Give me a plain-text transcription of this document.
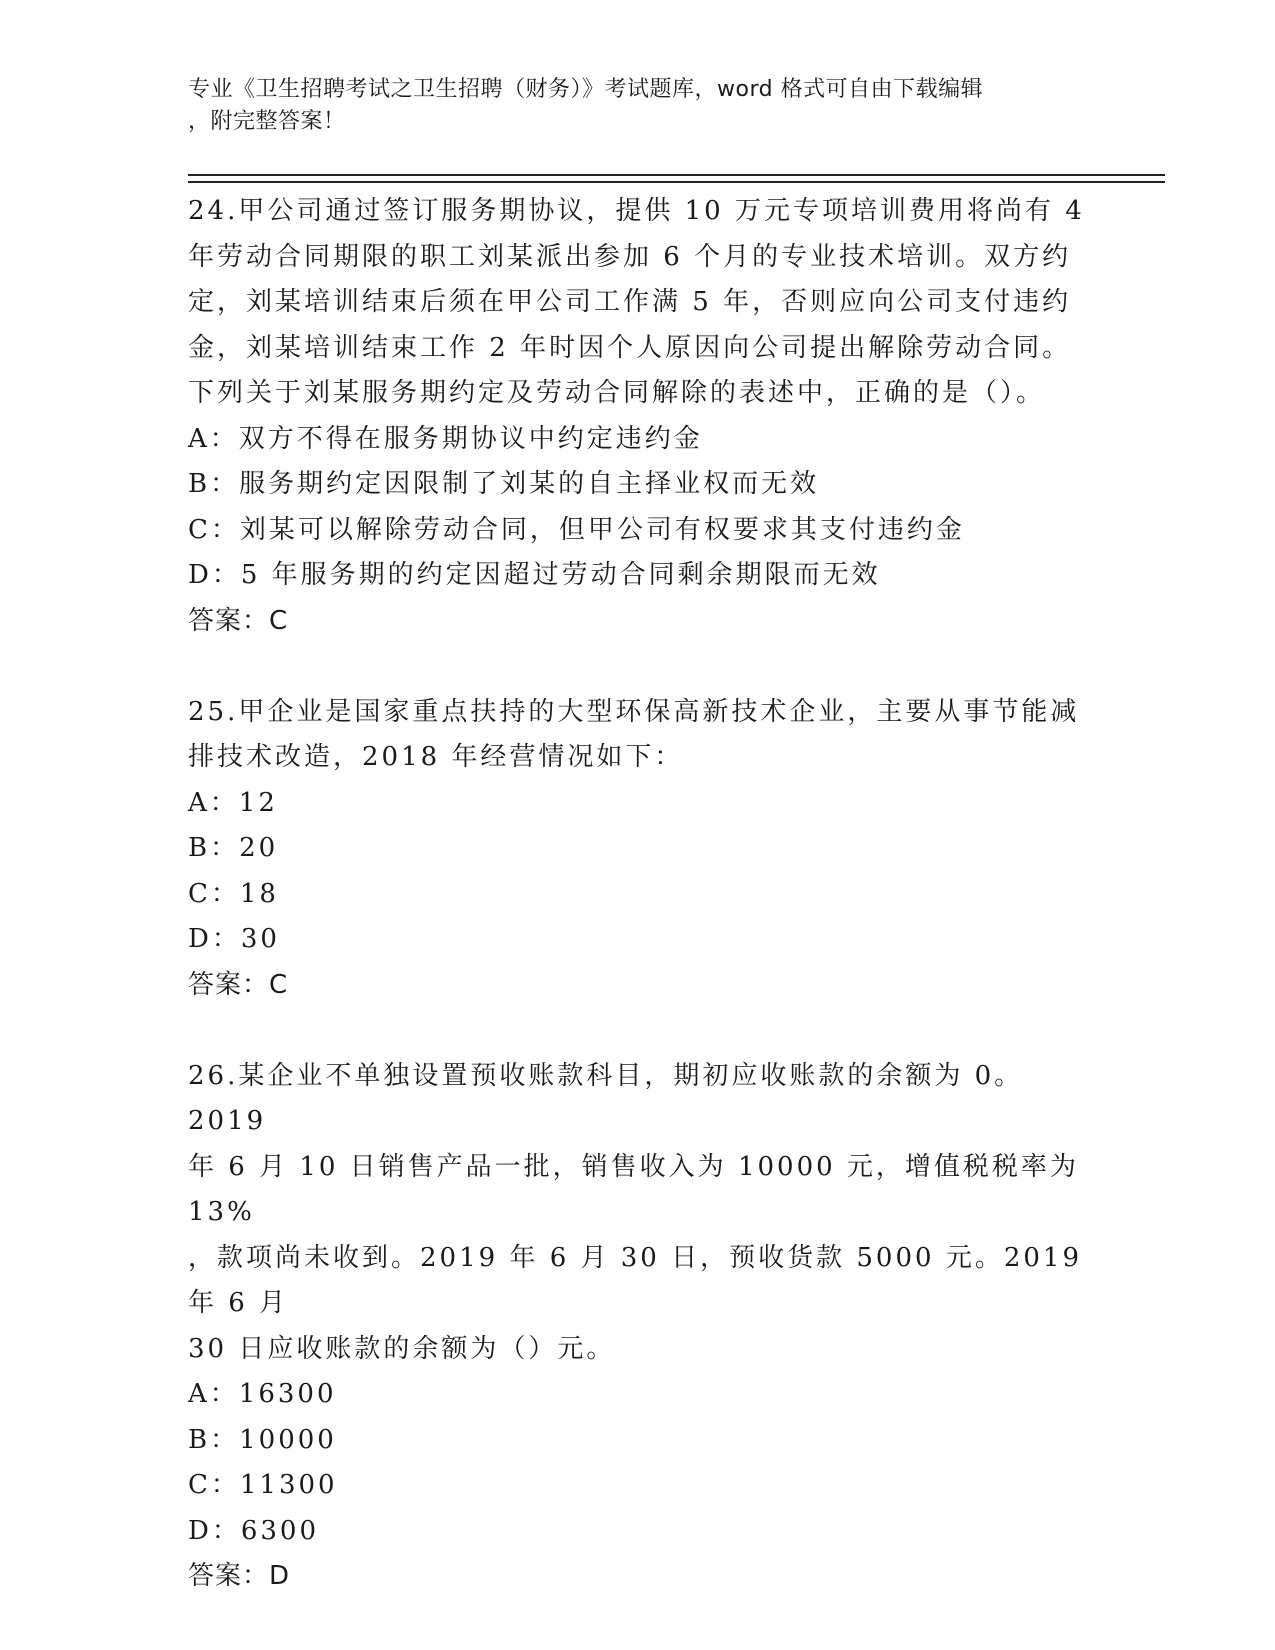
专业《卫生招聘考试之卫生招聘（财务）》考试题库，word 格式可自由下载编辑
，附完整答案！
24.甲公司通过签订服务期协议，提供 10 万元专项培训费用将尚有 4
年劳动合同期限的职工刘某派出参加 6 个月的专业技术培训。双方约
定，刘某培训结束后须在甲公司工作满 5 年，否则应向公司支付违约
金，刘某培训结束工作 2 年时因个人原因向公司提出解除劳动合同。
下列关于刘某服务期约定及劳动合同解除的表述中，正确的是（）。
A：双方不得在服务期协议中约定违约金
B：服务期约定因限制了刘某的自主择业权而无效
C：刘某可以解除劳动合同，但甲公司有权要求其支付违约金
D：5 年服务期的约定因超过劳动合同剩余期限而无效
答案：C
25.甲企业是国家重点扶持的大型环保高新技术企业，主要从事节能减
排技术改造，2018 年经营情况如下：
A：12
B：20
C：18
D：30
答案：C
26.某企业不单独设置预收账款科目，期初应收账款的余额为 0。2019
年 6 月 10 日销售产品一批，销售收入为 10000 元，增值税税率为 13%
，款项尚未收到。2019 年 6 月 30 日，预收货款 5000 元。2019 年 6 月
30 日应收账款的余额为（）元。
A：16300
B：10000
C：11300
D：6300
答案：D
